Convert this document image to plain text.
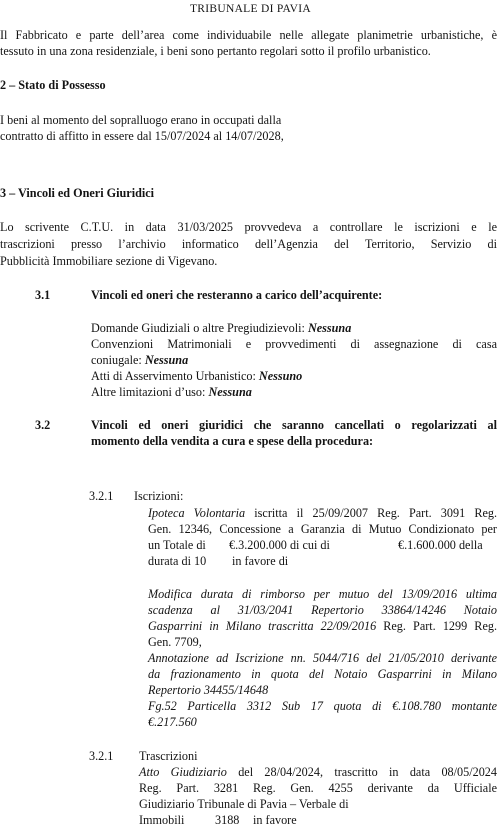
TRIBUNALE DI PAVIA
Il Fabbricato e parte dell’area come individuabile nelle allegate planimetrie urbanistiche, è
tessuto in una zona residenziale, i beni sono pertanto regolari sotto il profilo urbanistico.
2 – Stato di Possesso
I beni al momento del sopralluogo erano in occupati dalla
contratto di affitto in essere dal 15/07/2024 al 14/07/2028,
3 – Vincoli ed Oneri Giuridici
Lo scrivente C.T.U. in data 31/03/2025 provvedeva a controllare le iscrizioni e le
trascrizioni presso l’archivio informatico dell’Agenzia del Territorio, Servizio di
Pubblicità Immobiliare sezione di Vigevano.
3.1	Vincoli ed oneri che resteranno a carico dell’acquirente:
Domande Giudiziali o altre Pregiudizievoli: Nessuna
Convenzioni Matrimoniali e provvedimenti di assegnazione di casa
coniugale: Nessuna
Atti di Asservimento Urbanistico: Nessuno
Altre limitazioni d’uso: Nessuna
3.2	Vincoli ed oneri giuridici che saranno cancellati o regolarizzati al
momento della vendita a cura e spese della procedura:
3.2.1 Iscrizioni:
Ipoteca Volontaria iscritta il 25/09/2007 Reg. Part. 3091 Reg.
Gen. 12346, Concessione a Garanzia di Mutuo Condizionato per
un Totale di €.3.200.000 di cui di	€.1.600.000 della
durata di 10 in favore di
Modifica durata di rimborso per mutuo del 13/09/2016 ultima
scadenza al 31/03/2041 Repertorio 33864/14246 Notaio
Gasparrini in Milano trascritta 22/09/2016 Reg. Part. 1299 Reg.
Gen. 7709,
Annotazione ad Iscrizione nn. 5044/716 del 21/05/2010 derivante
da frazionamento in quota del Notaio Gasparrini in Milano
Repertorio 34455/14648
Fg.52 Particella 3312 Sub 17 quota di €.108.780 montante
€.217.560
3.2.1 Trascrizioni
Atto Giudiziario del 28/04/2024, trascritto in data 08/05/2024
Reg. Part. 3281 Reg. Gen. 4255 derivante da Ufficiale
Giudiziario Tribunale di Pavia – Verbale di
Immobili	3188 in favore
